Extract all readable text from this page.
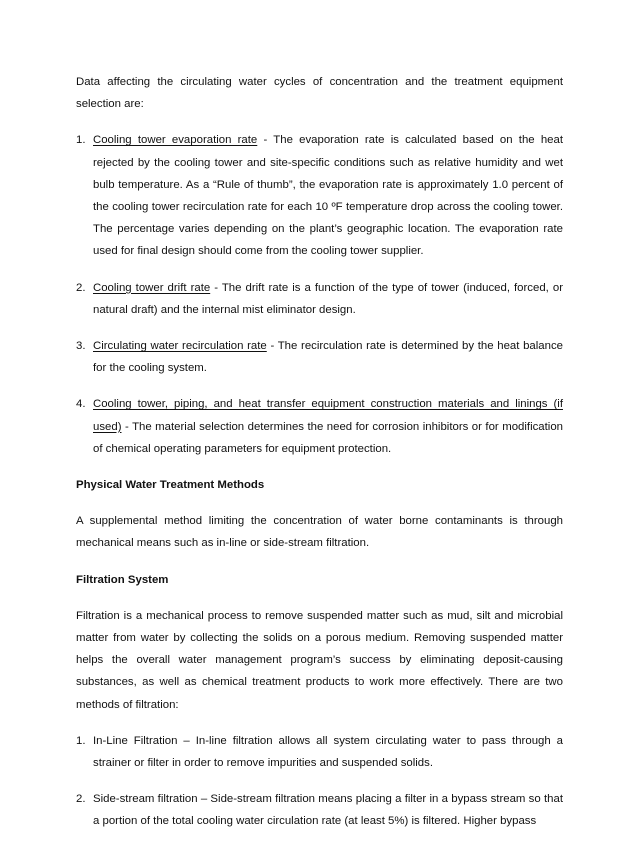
Data affecting the circulating water cycles of concentration and the treatment equipment selection are:

1. Cooling tower evaporation rate - The evaporation rate is calculated based on the heat rejected by the cooling tower and site-specific conditions such as relative humidity and wet bulb temperature. As a “Rule of thumb”, the evaporation rate is approximately 1.0 percent of the cooling tower recirculation rate for each 10 ºF temperature drop across the cooling tower. The percentage varies depending on the plant’s geographic location. The evaporation rate used for final design should come from the cooling tower supplier.
2. Cooling tower drift rate - The drift rate is a function of the type of tower (induced, forced, or natural draft) and the internal mist eliminator design.
3. Circulating water recirculation rate - The recirculation rate is determined by the heat balance for the cooling system.
4. Cooling tower, piping, and heat transfer equipment construction materials and linings (if used) - The material selection determines the need for corrosion inhibitors or for modification of chemical operating parameters for equipment protection.

Physical Water Treatment Methods

A supplemental method limiting the concentration of water borne contaminants is through mechanical means such as in-line or side-stream filtration.

Filtration System

Filtration is a mechanical process to remove suspended matter such as mud, silt and microbial matter from water by collecting the solids on a porous medium. Removing suspended matter helps the overall water management program’s success by eliminating deposit-causing substances, as well as chemical treatment products to work more effectively. There are two methods of filtration:

1. In-Line Filtration – In-line filtration allows all system circulating water to pass through a strainer or filter in order to remove impurities and suspended solids.
2. Side-stream filtration – Side-stream filtration means placing a filter in a bypass stream so that a portion of the total cooling water circulation rate (at least 5%) is filtered. Higher bypass
